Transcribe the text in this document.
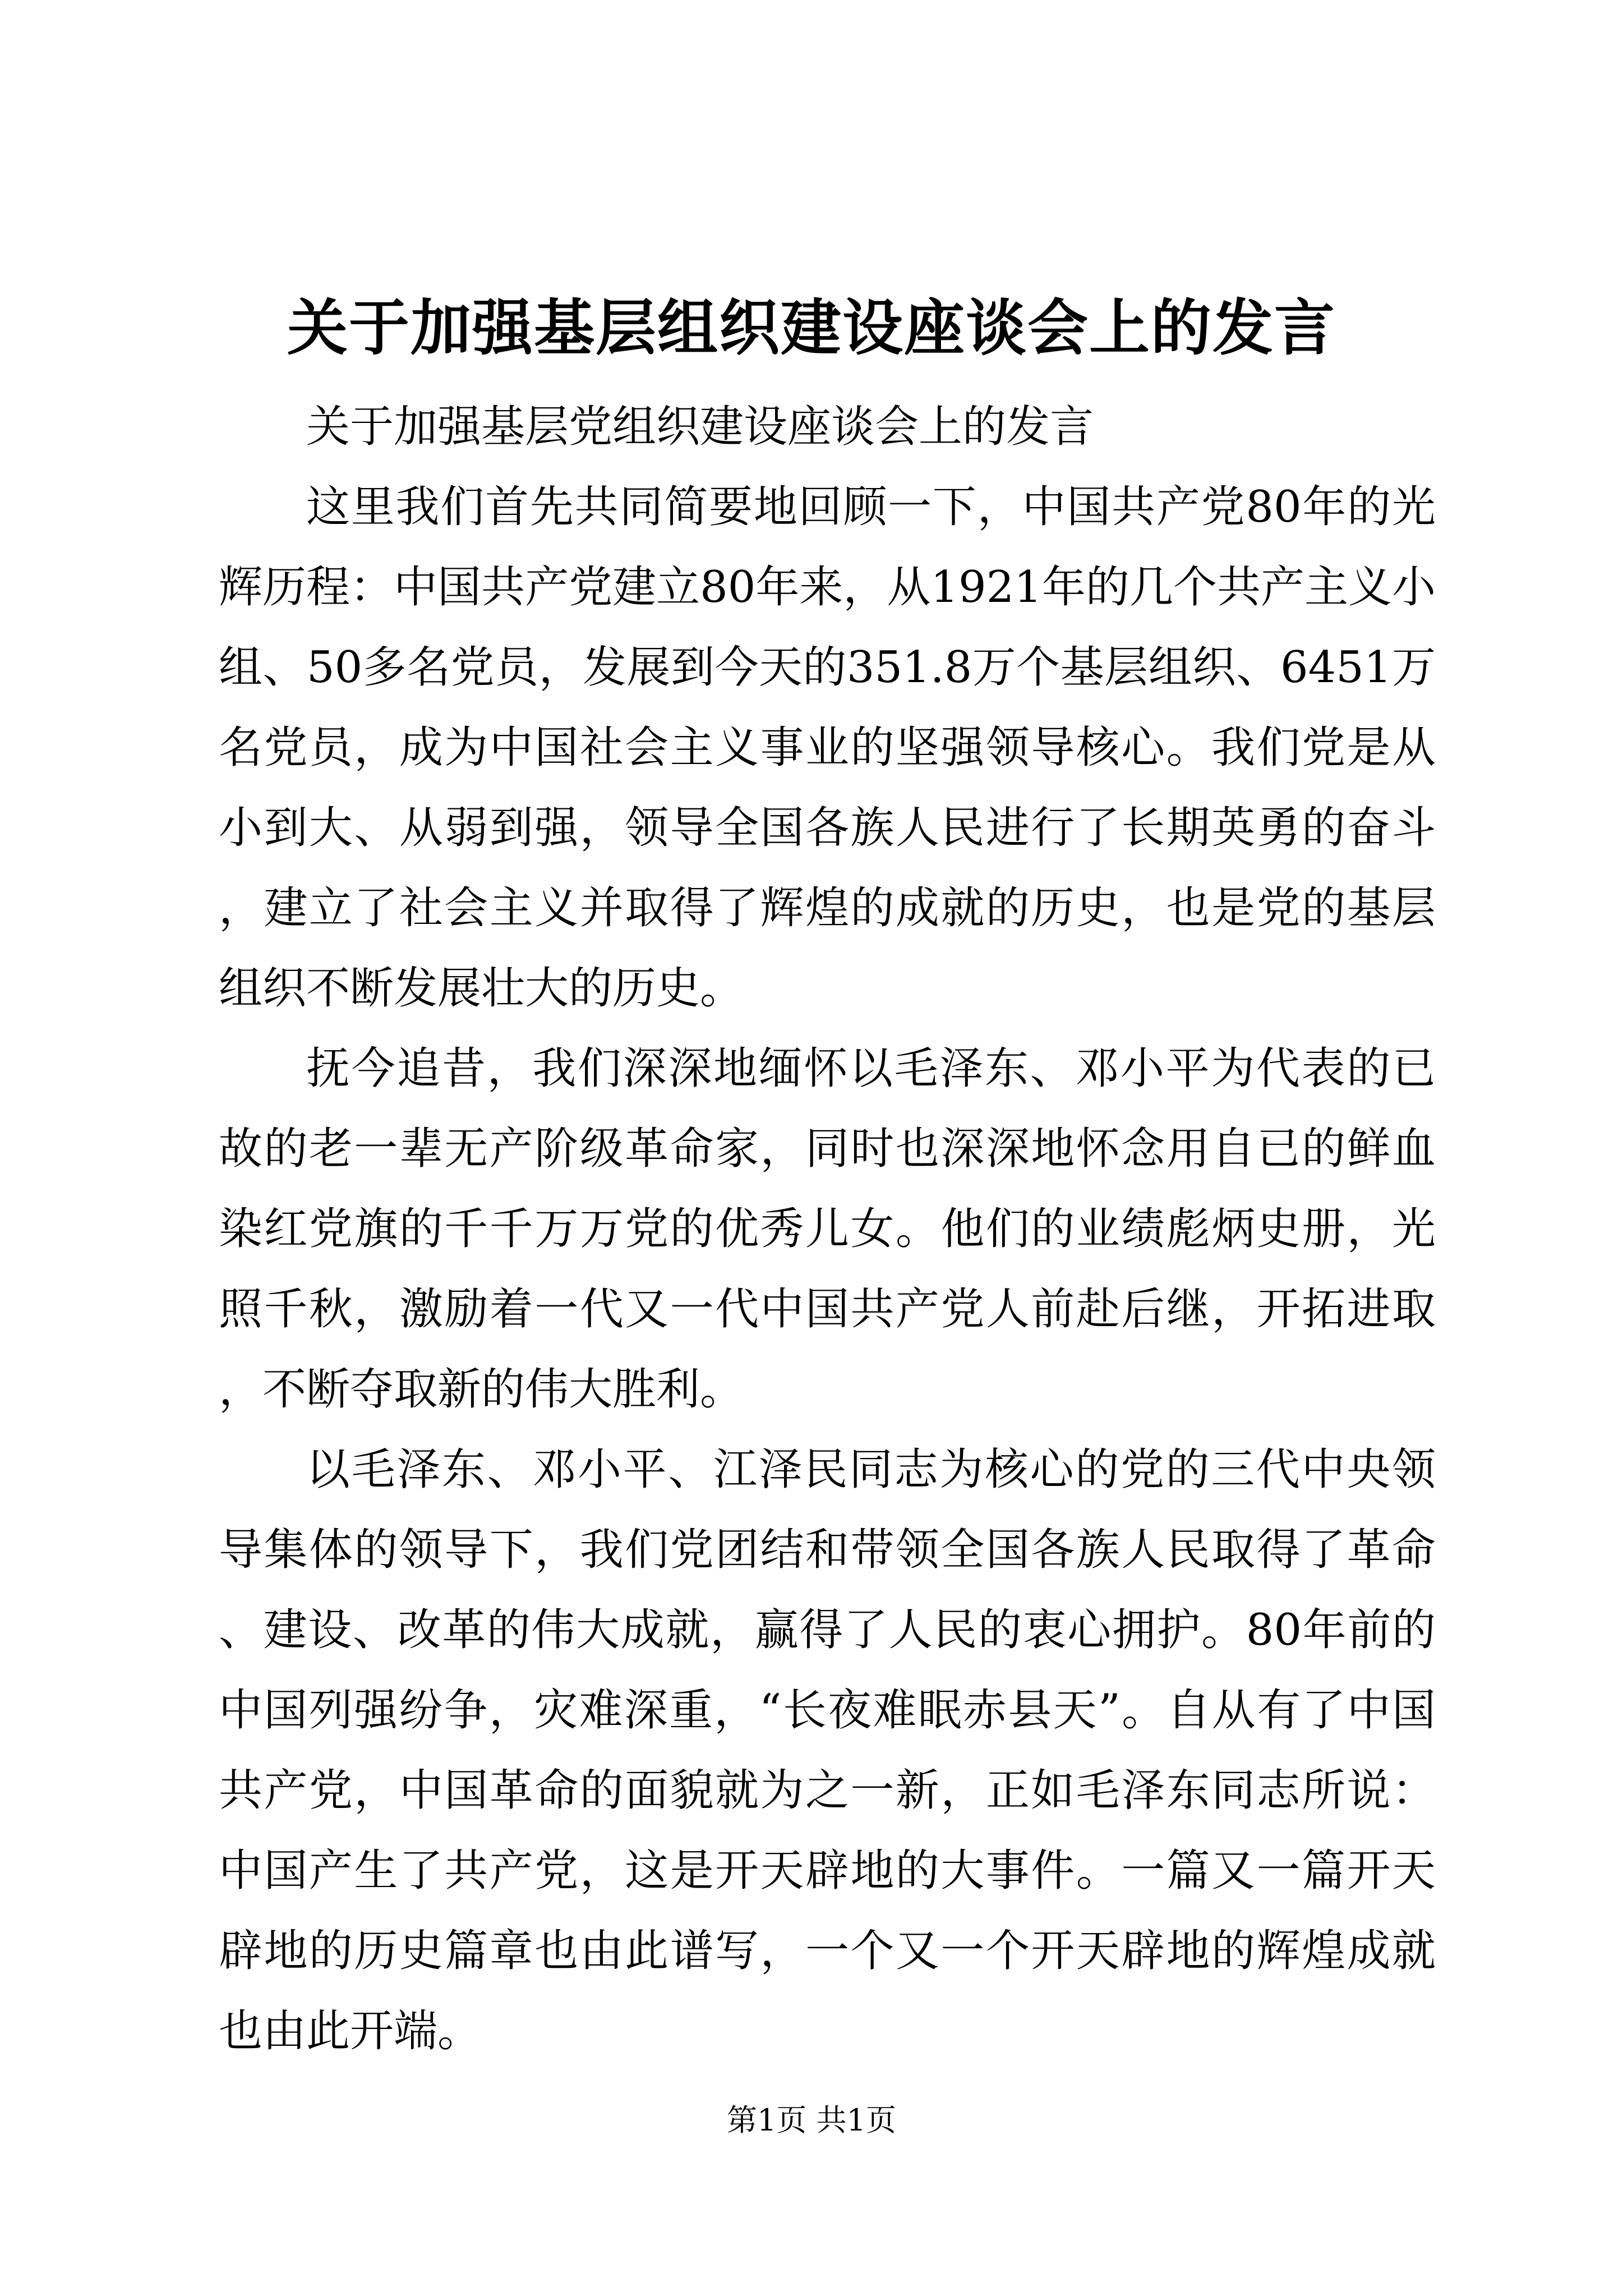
关于加强基层组织建设座谈会上的发言

关于加强基层党组织建设座谈会上的发言

这里我们首先共同简要地回顾一下，中国共产党80年的光辉历程：中国共产党建立80年来，从1921年的几个共产主义小组、50多名党员，发展到今天的351.8万个基层组织、6451万名党员，成为中国社会主义事业的坚强领导核心。我们党是从小到大、从弱到强，领导全国各族人民进行了长期英勇的奋斗，建立了社会主义并取得了辉煌的成就的历史，也是党的基层组织不断发展壮大的历史。

抚今追昔，我们深深地缅怀以毛泽东、邓小平为代表的已故的老一辈无产阶级革命家，同时也深深地怀念用自已的鲜血染红党旗的千千万万党的优秀儿女。他们的业绩彪炳史册，光照千秋，激励着一代又一代中国共产党人前赴后继，开拓进取，不断夺取新的伟大胜利。

以毛泽东、邓小平、江泽民同志为核心的党的三代中央领导集体的领导下，我们党团结和带领全国各族人民取得了革命、建设、改革的伟大成就，赢得了人民的衷心拥护。80年前的中国列强纷争，灾难深重，“长夜难眠赤县天”。自从有了中国共产党，中国革命的面貌就为之一新，正如毛泽东同志所说：中国产生了共产党，这是开天辟地的大事件。一篇又一篇开天辟地的历史篇章也由此谱写，一个又一个开天辟地的辉煌成就也由此开端。

第1页 共1页
